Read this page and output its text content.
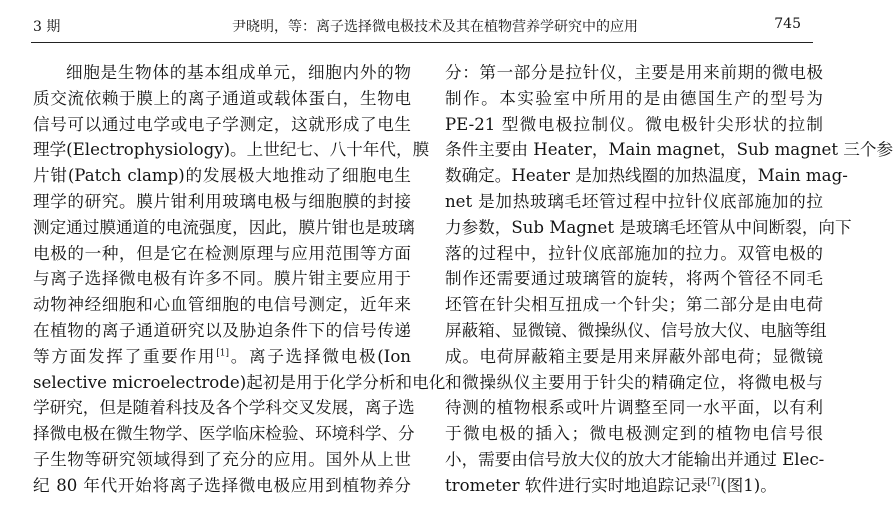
3 期	尹晓明，等：离子选择微电极技术及其在植物营养学研究中的应用	745
细胞是生物体的基本组成单元，细胞内外的物
质交流依赖于膜上的离子通道或载体蛋白，生物电
信号可以通过电学或电子学测定，这就形成了电生
理学(Electrophysiology)。上世纪七、八十年代，膜
片钳(Patch clamp)的发展极大地推动了细胞电生
理学的研究。膜片钳利用玻璃电极与细胞膜的封接
测定通过膜通道的电流强度，因此，膜片钳也是玻璃
电极的一种，但是它在检测原理与应用范围等方面
与离子选择微电极有许多不同。膜片钳主要应用于
动物神经细胞和心血管细胞的电信号测定，近年来
在植物的离子通道研究以及胁迫条件下的信号传递
等方面发挥了重要作用[1]。离子选择微电极(Ion
selective microelectrode)起初是用于化学分析和电化
学研究，但是随着科技及各个学科交叉发展，离子选
择微电极在微生物学、医学临床检验、环境科学、分
子生物等研究领域得到了充分的应用。国外从上世
纪 80 年代开始将离子选择微电极应用到植物养分
分：第一部分是拉针仪，主要是用来前期的微电极
制作。本实验室中所用的是由德国生产的型号为
PE-21 型微电极拉制仪。微电极针尖形状的拉制
条件主要由 Heater，Main magnet，Sub magnet 三个参
数确定。Heater 是加热线圈的加热温度，Main mag-
net 是加热玻璃毛坯管过程中拉针仪底部施加的拉
力参数，Sub Magnet 是玻璃毛坯管从中间断裂，向下
落的过程中，拉针仪底部施加的拉力。双管电极的
制作还需要通过玻璃管的旋转，将两个管径不同毛
坯管在针尖相互扭成一个针尖；第二部分是由电荷
屏蔽箱、显微镜、微操纵仪、信号放大仪、电脑等组
成。电荷屏蔽箱主要是用来屏蔽外部电荷；显微镜
和微操纵仪主要用于针尖的精确定位，将微电极与
待测的植物根系或叶片调整至同一水平面，以有利
于微电极的插入；微电极测定到的植物电信号很
小，需要由信号放大仪的放大才能输出并通过 Elec-
trometer 软件进行实时地追踪记录[7](图1)。
